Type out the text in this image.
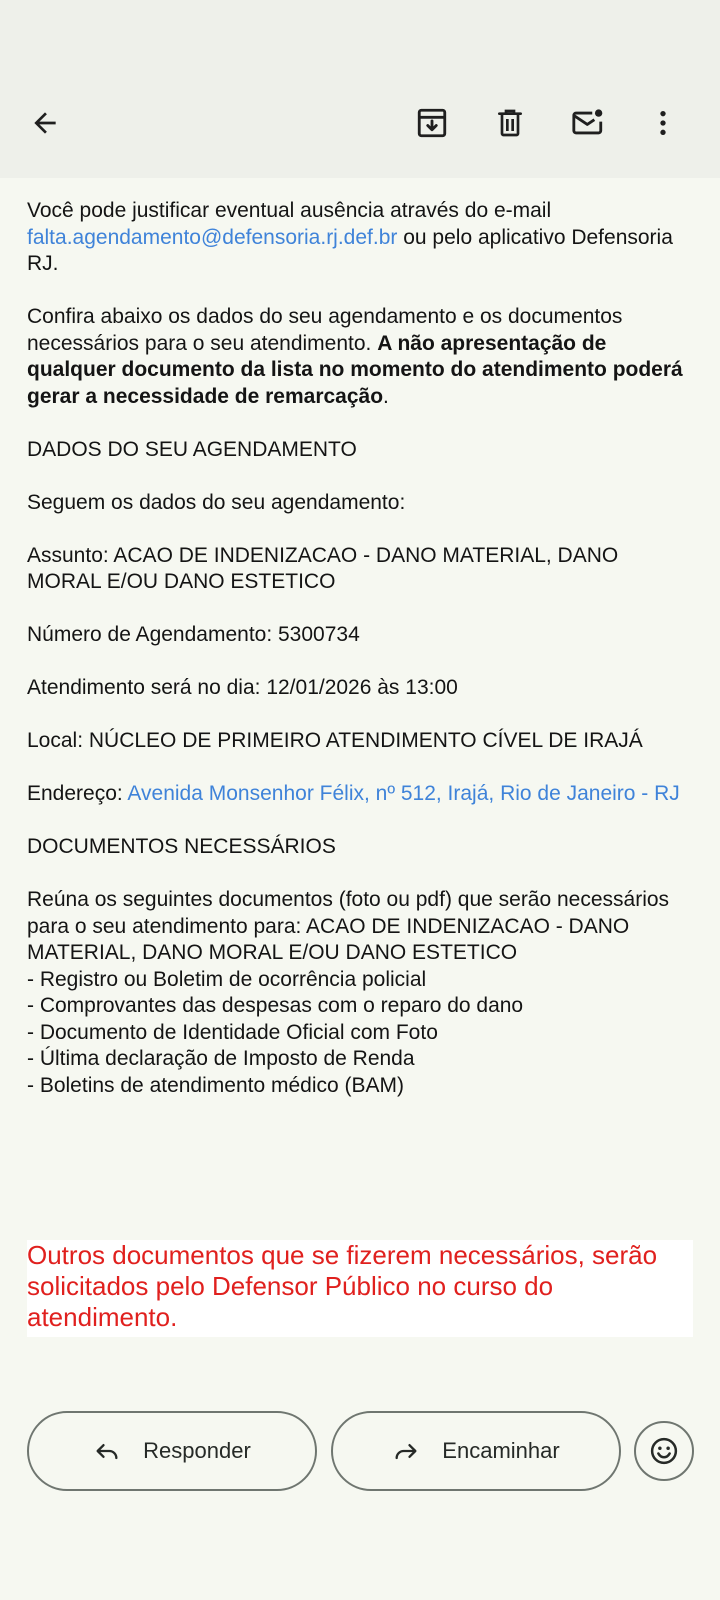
Você pode justificar eventual ausência através do e-mail falta.agendamento@defensoria.rj.def.br ou pelo aplicativo Defensoria RJ.

Confira abaixo os dados do seu agendamento e os documentos necessários para o seu atendimento. A não apresentação de qualquer documento da lista no momento do atendimento poderá gerar a necessidade de remarcação.

DADOS DO SEU AGENDAMENTO

Seguem os dados do seu agendamento:

Assunto: ACAO DE INDENIZACAO - DANO MATERIAL, DANO MORAL E/OU DANO ESTETICO

Número de Agendamento: 5300734

Atendimento será no dia: 12/01/2026 às 13:00

Local: NÚCLEO DE PRIMEIRO ATENDIMENTO CÍVEL DE IRAJÁ

Endereço: Avenida Monsenhor Félix, nº 512, Irajá, Rio de Janeiro - RJ

DOCUMENTOS NECESSÁRIOS

Reúna os seguintes documentos (foto ou pdf) que serão necessários para o seu atendimento para: ACAO DE INDENIZACAO - DANO MATERIAL, DANO MORAL E/OU DANO ESTETICO

- Registro ou Boletim de ocorrência policial
- Comprovantes das despesas com o reparo do dano
- Documento de Identidade Oficial com Foto
- Última declaração de Imposto de Renda
- Boletins de atendimento médico (BAM)
Outros documentos que se fizerem necessários, serão solicitados pelo Defensor Público no curso do atendimento.
Responder	Encaminhar
